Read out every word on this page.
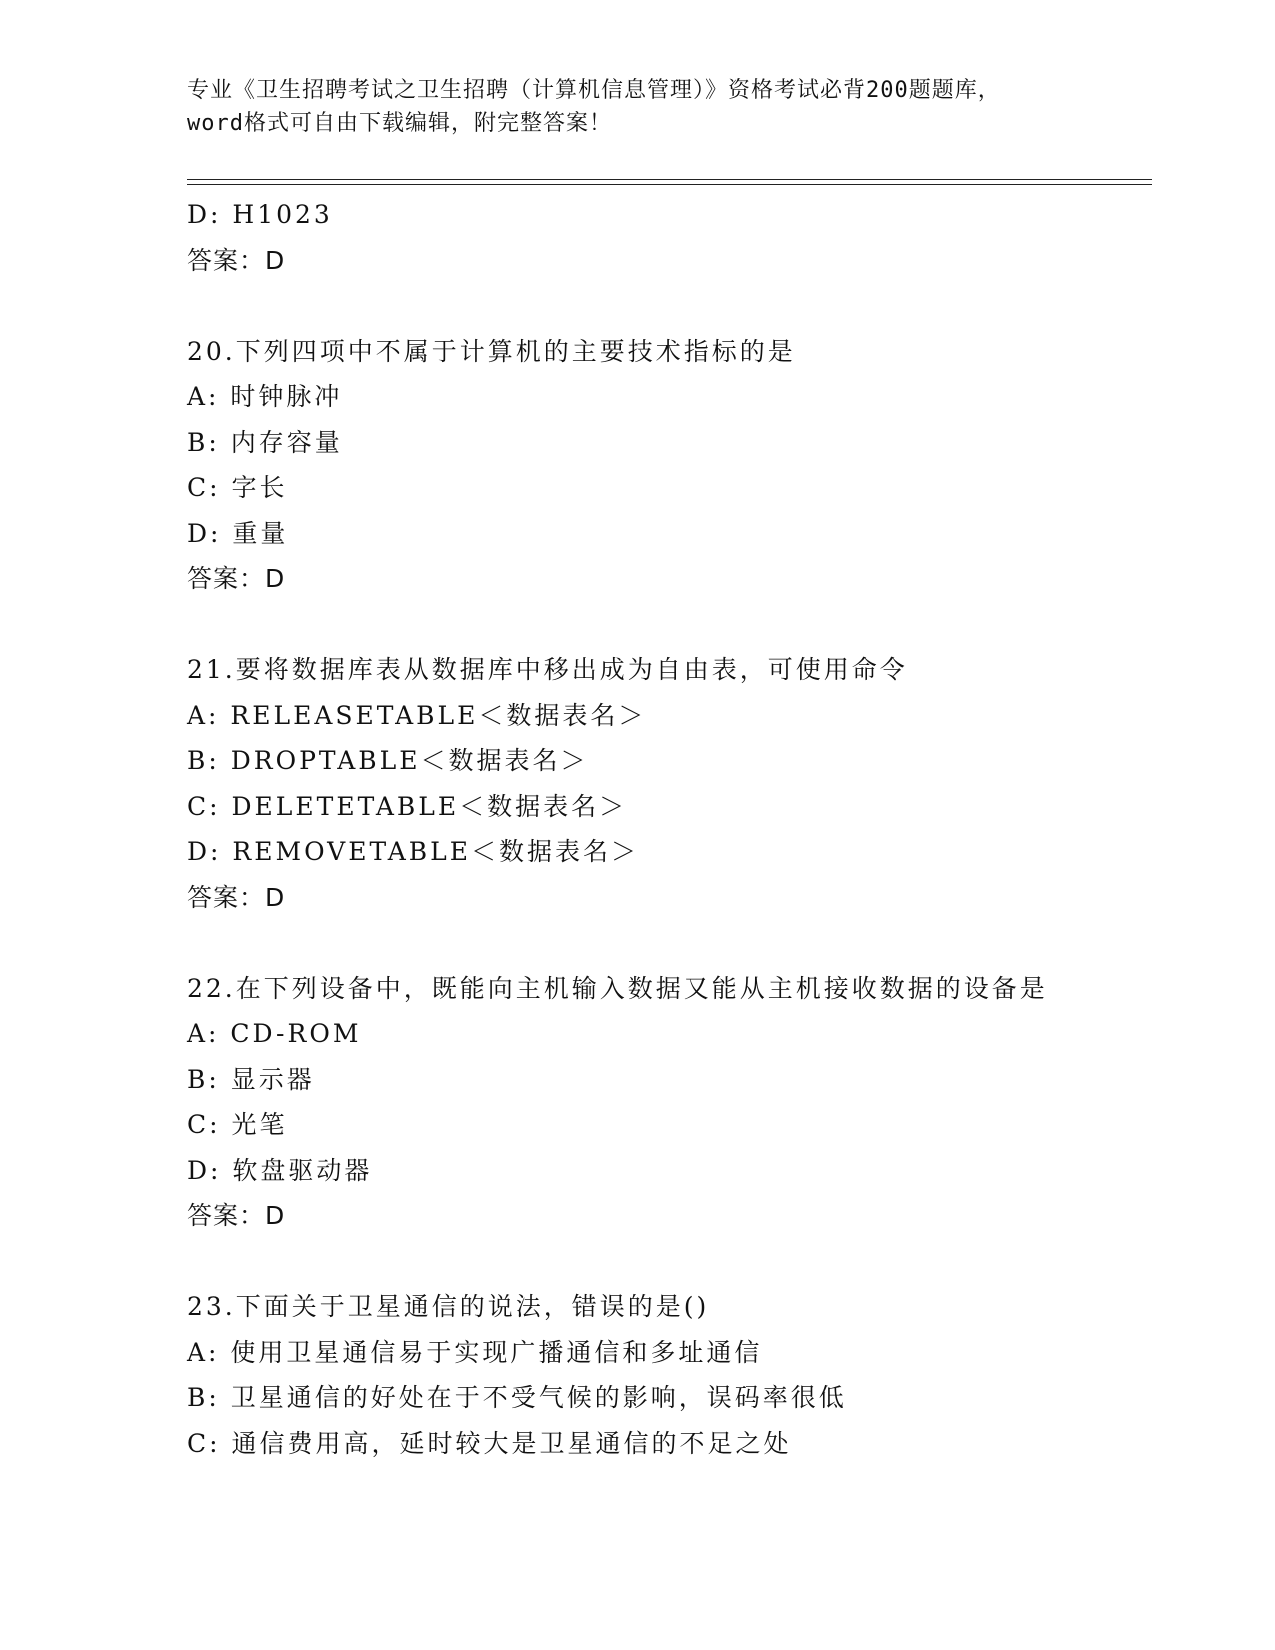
专业《卫生招聘考试之卫生招聘（计算机信息管理）》资格考试必背200题题库，
word格式可自由下载编辑，附完整答案！
D: H1023
答案：D
20.下列四项中不属于计算机的主要技术指标的是
A: 时钟脉冲
B: 内存容量
C: 字长
D: 重量
答案：D
21.要将数据库表从数据库中移出成为自由表，可使用命令
A: RELEASETABLE＜数据表名＞
B: DROPTABLE＜数据表名＞
C: DELETETABLE＜数据表名＞
D: REMOVETABLE＜数据表名＞
答案：D
22.在下列设备中，既能向主机输入数据又能从主机接收数据的设备是
A: CD-ROM
B: 显示器
C: 光笔
D: 软盘驱动器
答案：D
23.下面关于卫星通信的说法，错误的是()
A: 使用卫星通信易于实现广播通信和多址通信
B: 卫星通信的好处在于不受气候的影响，误码率很低
C: 通信费用高，延时较大是卫星通信的不足之处
